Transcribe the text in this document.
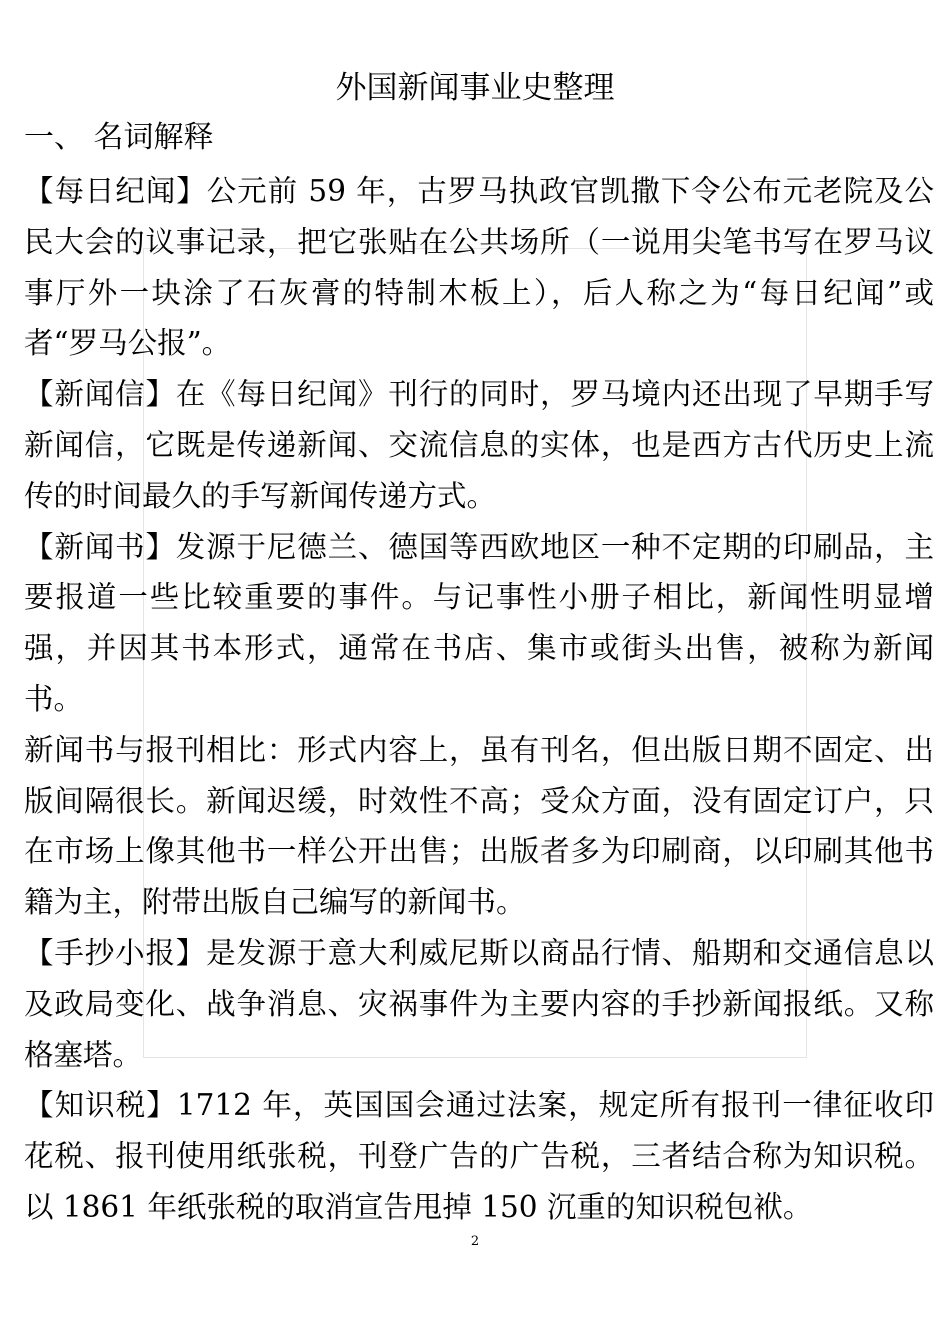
外国新闻事业史整理
一、 名词解释

【每日纪闻】公元前 59 年，古罗马执政官凯撒下令公布元老院及公民大会的议事记录，把它张贴在公共场所（一说用尖笔书写在罗马议事厅外一块涂了石灰膏的特制木板上），后人称之为“每日纪闻”或者“罗马公报”。

【新闻信】在《每日纪闻》刊行的同时，罗马境内还出现了早期手写新闻信，它既是传递新闻、交流信息的实体，也是西方古代历史上流传的时间最久的手写新闻传递方式。

【新闻书】发源于尼德兰、德国等西欧地区一种不定期的印刷品，主要报道一些比较重要的事件。与记事性小册子相比，新闻性明显增强，并因其书本形式，通常在书店、集市或街头出售，被称为新闻书。

新闻书与报刊相比：形式内容上，虽有刊名，但出版日期不固定、出版间隔很长。新闻迟缓，时效性不高；受众方面，没有固定订户，只在市场上像其他书一样公开出售；出版者多为印刷商，以印刷其他书籍为主，附带出版自己编写的新闻书。

【手抄小报】是发源于意大利威尼斯以商品行情、船期和交通信息以及政局变化、战争消息、灾祸事件为主要内容的手抄新闻报纸。又称格塞塔。

【知识税】1712 年，英国国会通过法案，规定所有报刊一律征收印花税、报刊使用纸张税，刊登广告的广告税，三者结合称为知识税。以 1861 年纸张税的取消宣告甩掉 150 沉重的知识税包袱。

2
